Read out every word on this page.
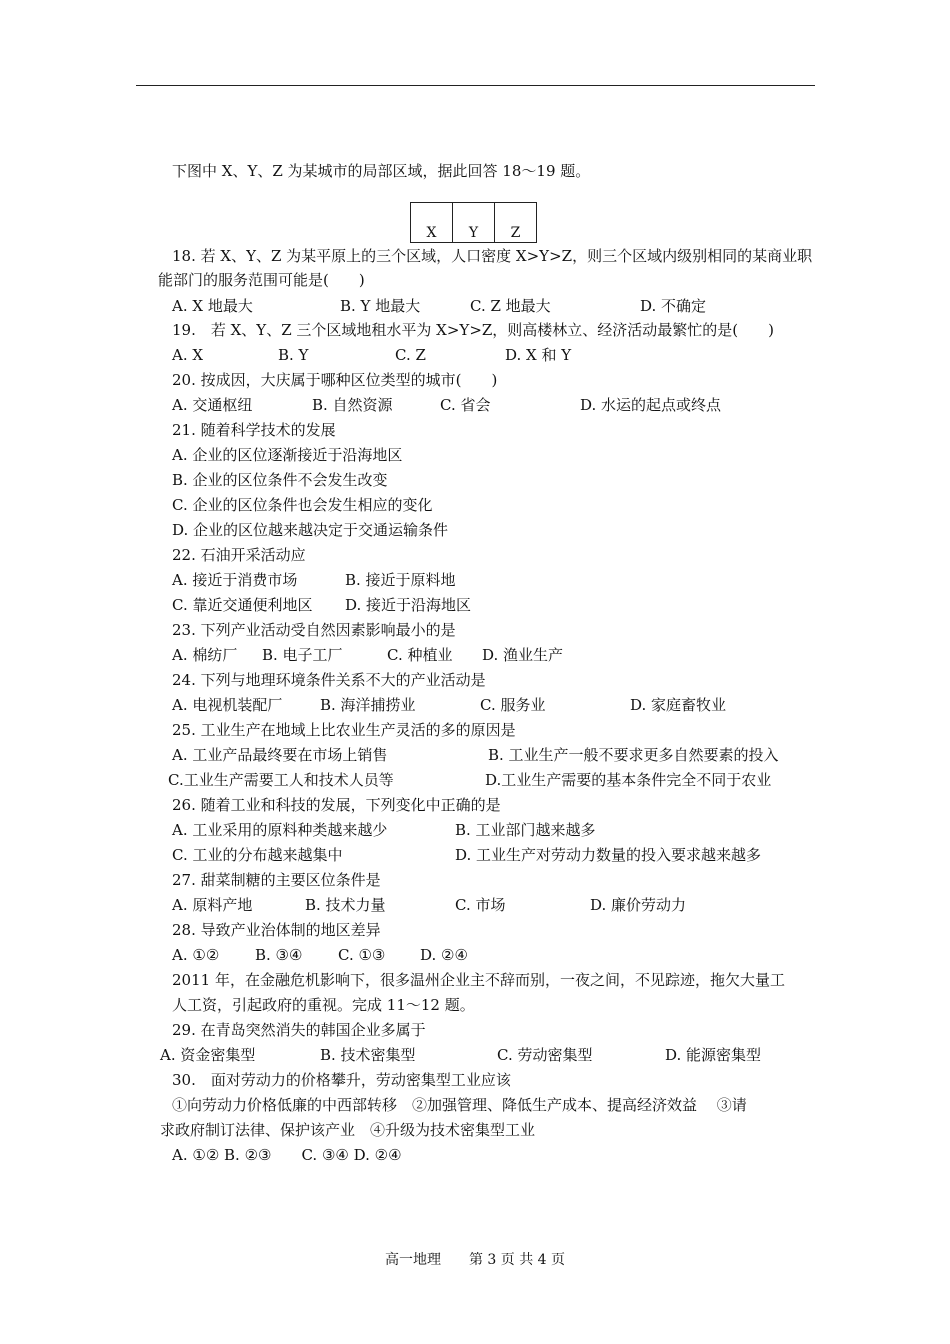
下图中 X、Y、Z 为某城市的局部区域，据此回答 18～19 题。
X	Y	Z
18. 若 X、Y、Z 为某平原上的三个区域，人口密度 X>Y>Z，则三个区域内级别相同的某商业职
能部门的服务范围可能是(　　)
A. X 地最大	B. Y 地最大	C. Z 地最大	D. 不确定
19.　若 X、Y、Z 三个区域地租水平为 X>Y>Z，则高楼林立、经济活动最繁忙的是(　　)
A. X	B. Y	C. Z	D. X 和 Y
20. 按成因，大庆属于哪种区位类型的城市(　　)
A. 交通枢纽	B. 自然资源	C. 省会	D. 水运的起点或终点
21. 随着科学技术的发展
A. 企业的区位逐渐接近于沿海地区
B. 企业的区位条件不会发生改变
C. 企业的区位条件也会发生相应的变化
D. 企业的区位越来越决定于交通运输条件
22. 石油开采活动应
A. 接近于消费市场	B. 接近于原料地
C. 靠近交通便利地区 D. 接近于沿海地区
23. 下列产业活动受自然因素影响最小的是
A. 棉纺厂 B. 电子工厂	C. 种植业 D. 渔业生产
24. 下列与地理环境条件关系不大的产业活动是
A. 电视机装配厂	B. 海洋捕捞业	C. 服务业	D. 家庭畜牧业
25. 工业生产在地域上比农业生产灵活的多的原因是
A. 工业产品最终要在市场上销售	B. 工业生产一般不要求更多自然要素的投入
C.工业生产需要工人和技术人员等	D.工业生产需要的基本条件完全不同于农业
26. 随着工业和科技的发展，下列变化中正确的是
A. 工业采用的原料种类越来越少	B. 工业部门越来越多
C. 工业的分布越来越集中	D. 工业生产对劳动力数量的投入要求越来越多
27. 甜菜制糖的主要区位条件是
A. 原料产地	B. 技术力量	C. 市场	D. 廉价劳动力
28. 导致产业治体制的地区差异
A. ①② B. ③④ C. ①③ D. ②④
2011 年，在金融危机影响下，很多温州企业主不辞而别，一夜之间，不见踪迹，拖欠大量工
人工资，引起政府的重视。完成 11～12 题。
29. 在青岛突然消失的韩国企业多属于
A. 资金密集型	B. 技术密集型	C. 劳动密集型	D. 能源密集型
30.　面对劳动力的价格攀升，劳动密集型工业应该
①向劳动力价格低廉的中西部转移　②加强管理、降低生产成本、提高经济效益　 ③请
求政府制订法律、保护该产业　④升级为技术密集型工业
A. ①② B. ②③　　C. ③④ D. ②④
高一地理　　第 3 页 共 4 页
